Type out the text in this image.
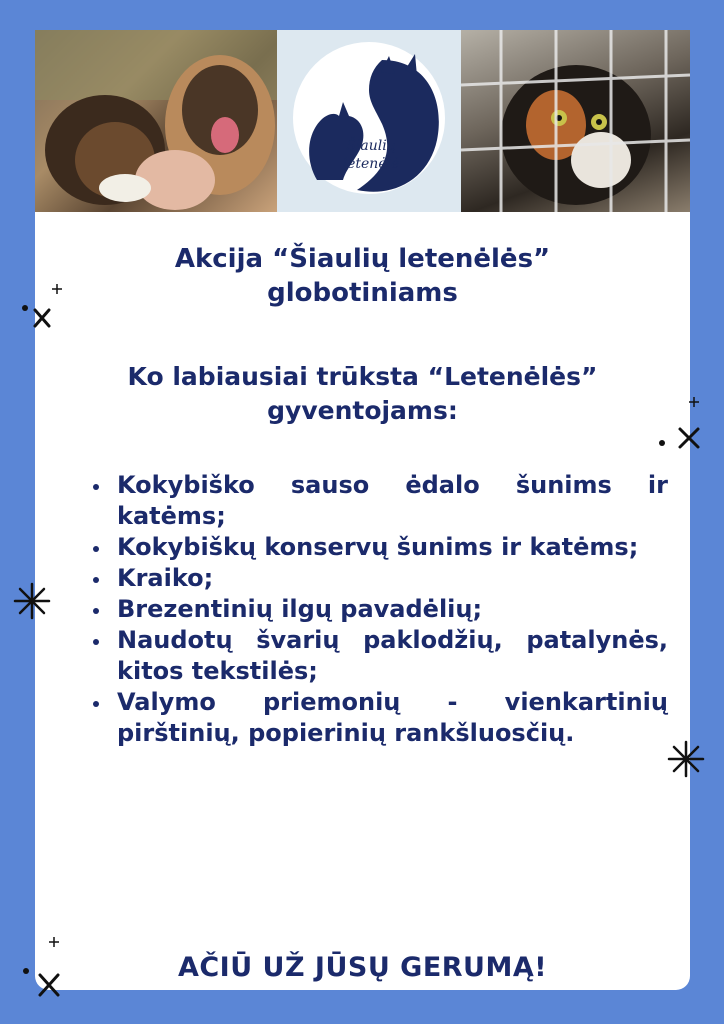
Šiaulių
letenėlė
Akcija “Šiaulių letenėlės”
globotiniams
Ko labiausiai trūksta “Letenėlės”
gyventojams:
Kokybiško sauso ėdalo šunims ir katėms;
Kokybiškų konservų šunims ir katėms;
Kraiko;
Brezentinių ilgų pavadėlių;
Naudotų švarių paklodžių, patalynės, kitos tekstilės;
Valymo priemonių - vienkartinių pirštinių, popierinių rankšluosčių.
AČIŪ UŽ JŪSŲ GERUMĄ!
